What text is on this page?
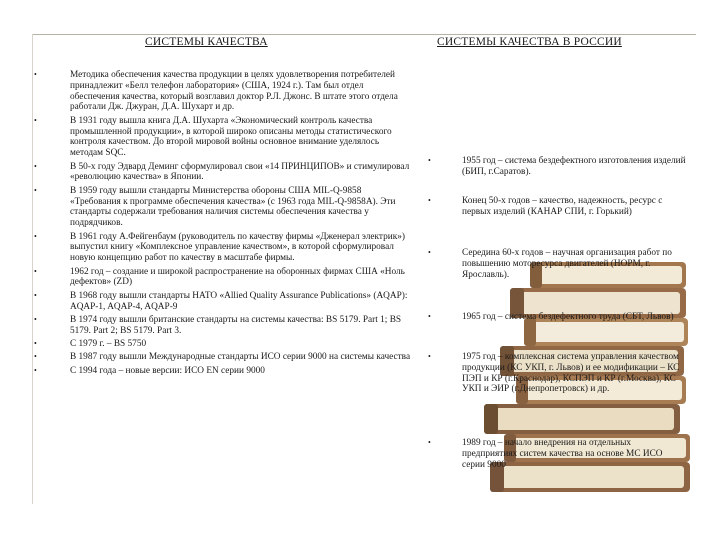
СИСТЕМЫ КАЧЕСТВА	СИСТЕМЫ КАЧЕСТВА В РОССИИ
•	Методика обеспечения качества продукции в целях удовлетворения потребителей принадлежит «Белл телефон лаборатория» (США, 1924 г.). Там был отдел обеспечения качества, который возглавил доктор Р.Л. Джонс. В штате этого отдела работали Дж. Джуран, Д.А. Шухарт и др.
•	В 1931 году вышла книга Д.А. Шухарта «Экономический контроль качества промышленной продукции», в которой широко описаны методы статистического контроля качеством. До второй мировой войны основное внимание уделялось методам SQC.
•	В 50-х году Эдвард Деминг сформулировал свои «14 ПРИНЦИПОВ» и стимулировал «революцию качества» в Японии.
•	В 1959 году вышли стандарты Министерства обороны США MIL-Q-9858 «Требования к программе обеспечения качества» (с 1963 года MIL-Q-9858A). Эти стандарты содержали требования наличия системы обеспечения качества у подрядчиков.
•	В 1961 году А.Фейгенбаум (руководитель по качеству фирмы «Дженерал электрик») выпустил книгу «Комплексное управление качеством», в которой сформулировал новую концепцию работ по качеству в масштабе фирмы.
•	1962 год – создание и широкой распространение на оборонных фирмах США «Ноль дефектов» (ZD)
•	В 1968 году вышли стандарты НАТО «Allied Quality Assurance Publications» (AQAP): AQAP-1, AQAP-4, AQAP-9
•	В 1974 году вышли британские стандарты на системы качества: BS 5179. Part 1; BS 5179. Part 2; BS 5179. Part 3.
•	С 1979 г. – BS 5750
•	В 1987 году вышли Международные стандарты ИСО серии 9000 на системы качества
•	С 1994 года – новые версии: ИСО EN серии 9000
•	1955 год – система бездефектного изготовления изделий (БИП, г.Саратов).
•	Конец 50-х годов – качество, надежность, ресурс с первых изделий (КАНАР СПИ, г. Горький)
•	Середина 60-х годов – научная организация работ по повышению моторесурса двигателей (НОРМ, г. Ярославль).
•	1965 год – система бездефектного труда (СБТ, Львов)
•	1975 год – комплексная система управления качеством продукции (КС УКП, г. Львов) и ее модификации – КС ПЭП и КР (г.Краснодар), КСПЭП и КР (г.Москва), КС УКП и ЭИР (г.Днепропетровск) и др.
•	1989 год – начало внедрения на отдельных предприятиях систем качества на основе МС ИСО серии 9000
